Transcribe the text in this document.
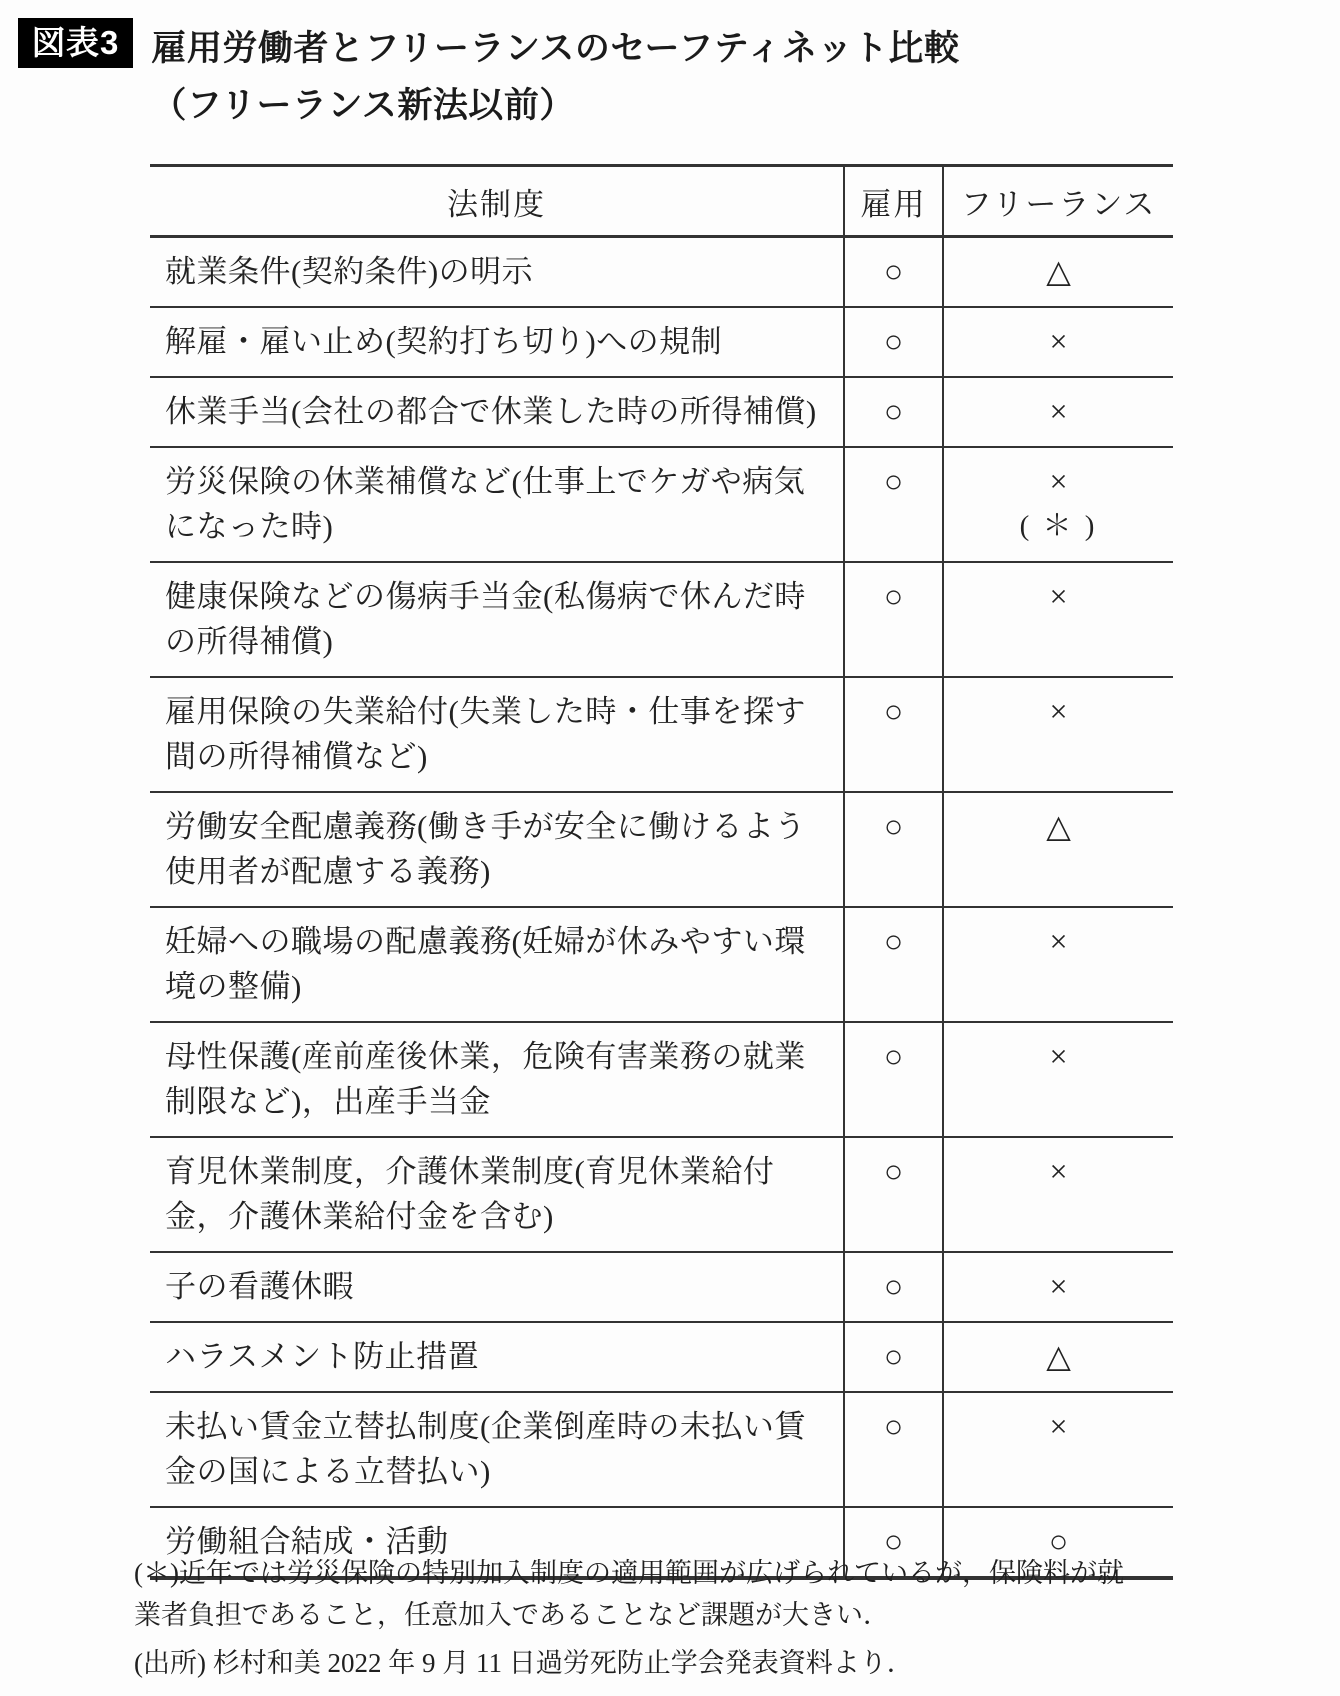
図表3 雇用労働者とフリーランスのセーフティネット比較
（フリーランス新法以前）
法制度	雇用	フリーランス
就業条件(契約条件)の明示	○	△

解雇・雇い止め(契約打ち切り)への規制	○	×

休業手当(会社の都合で休業した時の所得補償)	○	×

労災保険の休業補償など(仕事上でケガや病気になった時)	○	×
( ＊ )

健康保険などの傷病手当金(私傷病で休んだ時の所得補償)	○	×

雇用保険の失業給付(失業した時・仕事を探す間の所得補償など)	○	×

労働安全配慮義務(働き手が安全に働けるよう使用者が配慮する義務)	○	△

妊婦への職場の配慮義務(妊婦が休みやすい環境の整備)	○	×

母性保護(産前産後休業，危険有害業務の就業制限など)，出産手当金	○	×

育児休業制度，介護休業制度(育児休業給付金，介護休業給付金を含む)	○	×

子の看護休暇	○	×

ハラスメント防止措置	○	△

未払い賃金立替払制度(企業倒産時の未払い賃金の国による立替払い)	○	×

労働組合結成・活動	○	○

(＊)近年では労災保険の特別加入制度の適用範囲が広げられているが，保険料が就業者負担であること，任意加入であることなど課題が大きい．

(出所) 杉村和美 2022 年 9 月 11 日過労死防止学会発表資料より．
